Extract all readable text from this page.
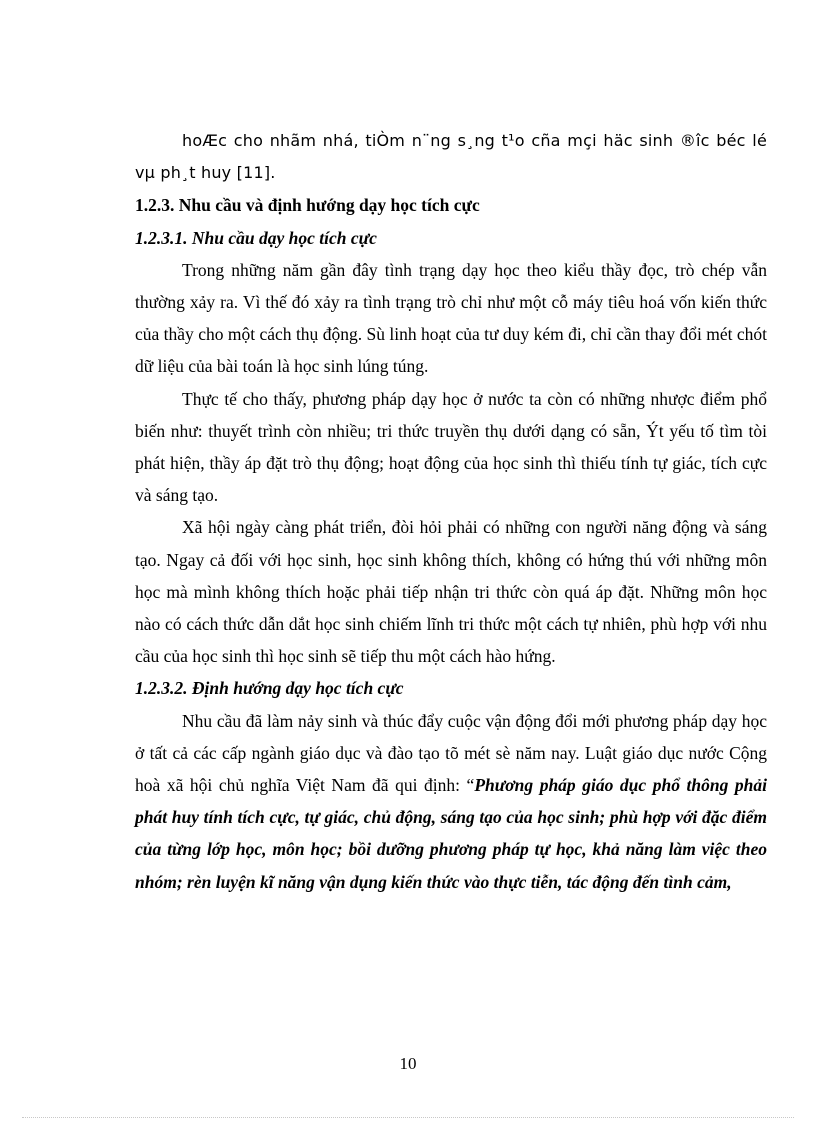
hoÆc cho nhãm nhá, tiÒm n¨ng s¸ng t¹o cña mçi häc sinh ®îc béc lé vµ ph¸t huy [11].

1.2.3. Nhu cầu và định hướng dạy học tích cực

1.2.3.1. Nhu cầu dạy học tích cực

Trong những năm gần đây tình trạng dạy học theo kiểu thầy đọc, trò chép vẫn thường xảy ra. Vì thế đó xảy ra tình trạng trò chỉ như một cỗ máy tiêu hoá vốn kiến thức của thầy cho một cách thụ động. Sù linh hoạt của tư duy kém đi, chỉ cần thay đổi mét chót dữ liệu của bài toán là học sinh lúng túng.

Thực tế cho thấy, phương pháp dạy học ở nước ta còn có những nhược điểm phổ biến như: thuyết trình còn nhiều; tri thức truyền thụ dưới dạng có sẵn, Ýt yếu tố tìm tòi phát hiện, thầy áp đặt trò thụ động; hoạt động của học sinh thì thiếu tính tự giác, tích cực và sáng tạo.

Xã hội ngày càng phát triển, đòi hỏi phải có những con người năng động và sáng tạo. Ngay cả đối với học sinh, học sinh không thích, không có hứng thú với những môn học mà mình không thích hoặc phải tiếp nhận tri thức còn quá áp đặt. Những môn học nào có cách thức dẫn dắt học sinh chiếm lĩnh tri thức một cách tự nhiên, phù hợp với nhu cầu của học sinh thì học sinh sẽ tiếp thu một cách hào hứng.

1.2.3.2. Định hướng dạy học tích cực

Nhu cầu đã làm nảy sinh và thúc đẩy cuộc vận động đổi mới phương pháp dạy học ở tất cả các cấp ngành giáo dục và đào tạo tõ mét sè năm nay. Luật giáo dục nước Cộng hoà xã hội chủ nghĩa Việt Nam đã qui định: “Phương pháp giáo dục phổ thông phải phát huy tính tích cực, tự giác, chủ động, sáng tạo của học sinh; phù hợp với đặc điểm của từng lớp học, môn học; bồi dưỡng phương pháp tự học, khả năng làm việc theo nhóm; rèn luyện kĩ năng vận dụng kiến thức vào thực tiễn, tác động đến tình cảm,

10
